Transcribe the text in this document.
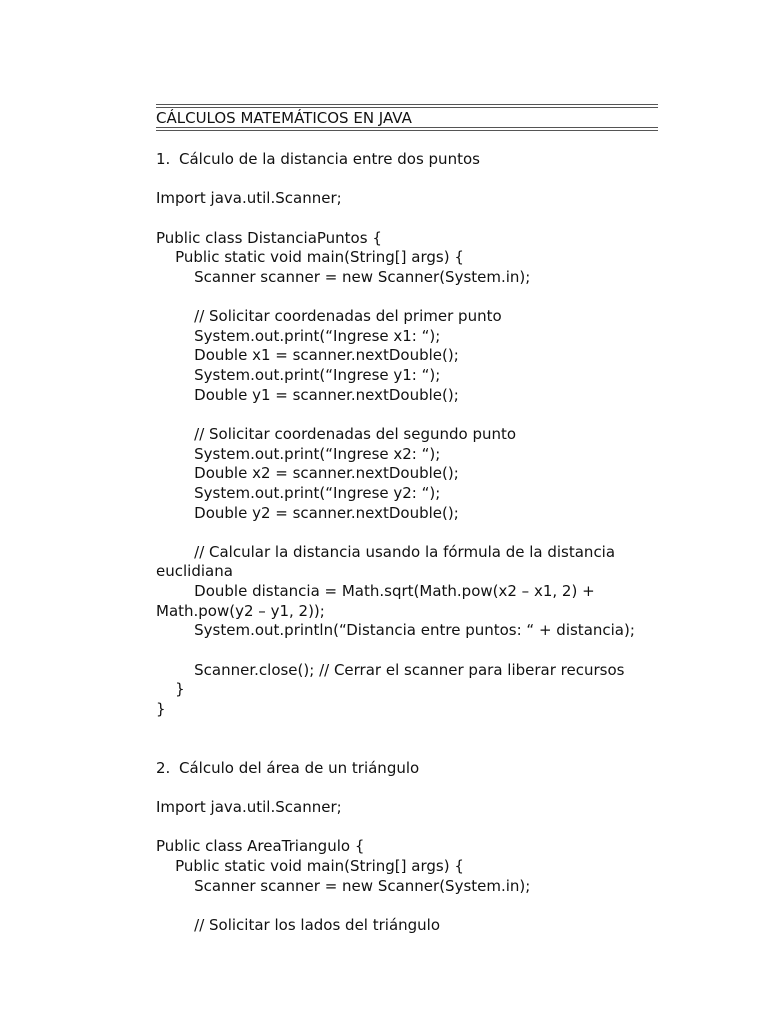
CÁLCULOS MATEMÁTICOS EN JAVA
1. Cálculo de la distancia entre dos puntos
Import java.util.Scanner;
Public class DistanciaPuntos {
Public static void main(String[] args) {
Scanner scanner = new Scanner(System.in);
// Solicitar coordenadas del primer punto
System.out.print(“Ingrese x1: “);
Double x1 = scanner.nextDouble();
System.out.print(“Ingrese y1: “);
Double y1 = scanner.nextDouble();
// Solicitar coordenadas del segundo punto
System.out.print(“Ingrese x2: “);
Double x2 = scanner.nextDouble();
System.out.print(“Ingrese y2: “);
Double y2 = scanner.nextDouble();
// Calcular la distancia usando la fórmula de la distancia
euclidiana
Double distancia = Math.sqrt(Math.pow(x2 – x1, 2) +
Math.pow(y2 – y1, 2));
System.out.println(“Distancia entre puntos: “ + distancia);
Scanner.close(); // Cerrar el scanner para liberar recursos
}
}
2. Cálculo del área de un triángulo
Import java.util.Scanner;
Public class AreaTriangulo {
Public static void main(String[] args) {
Scanner scanner = new Scanner(System.in);
// Solicitar los lados del triángulo
